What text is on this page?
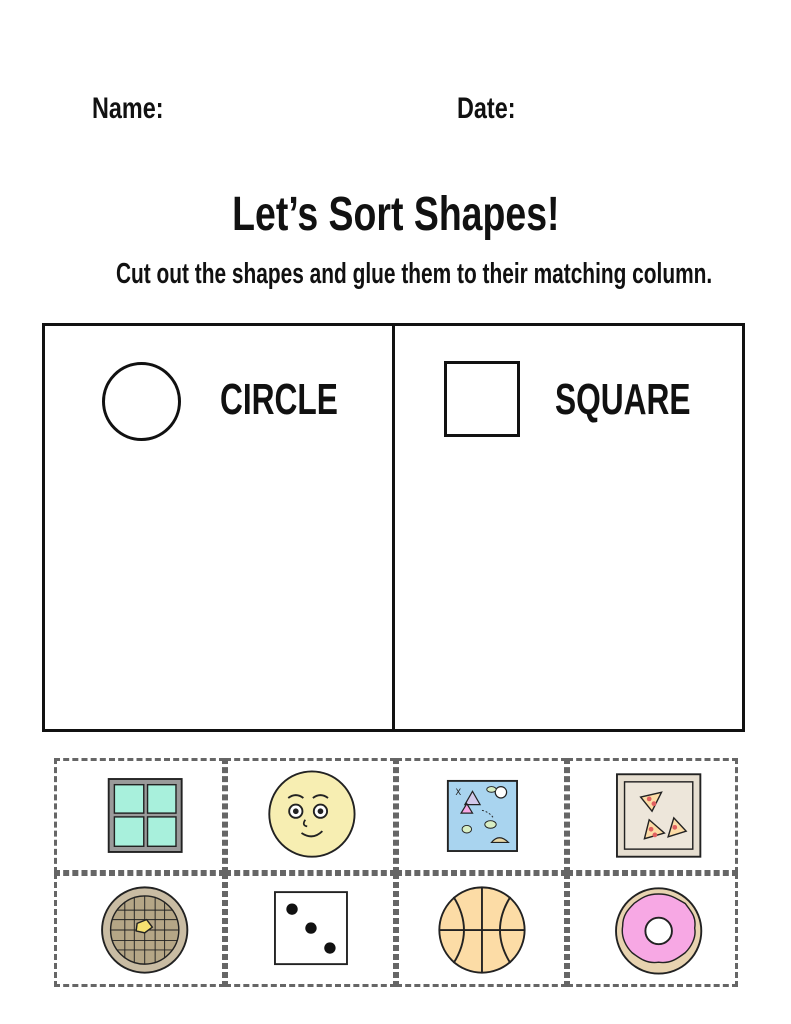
Name:	Date:
Let’s Sort Shapes!
Cut out the shapes and glue them to their matching column.
CIRCLE	SQUARE
X
